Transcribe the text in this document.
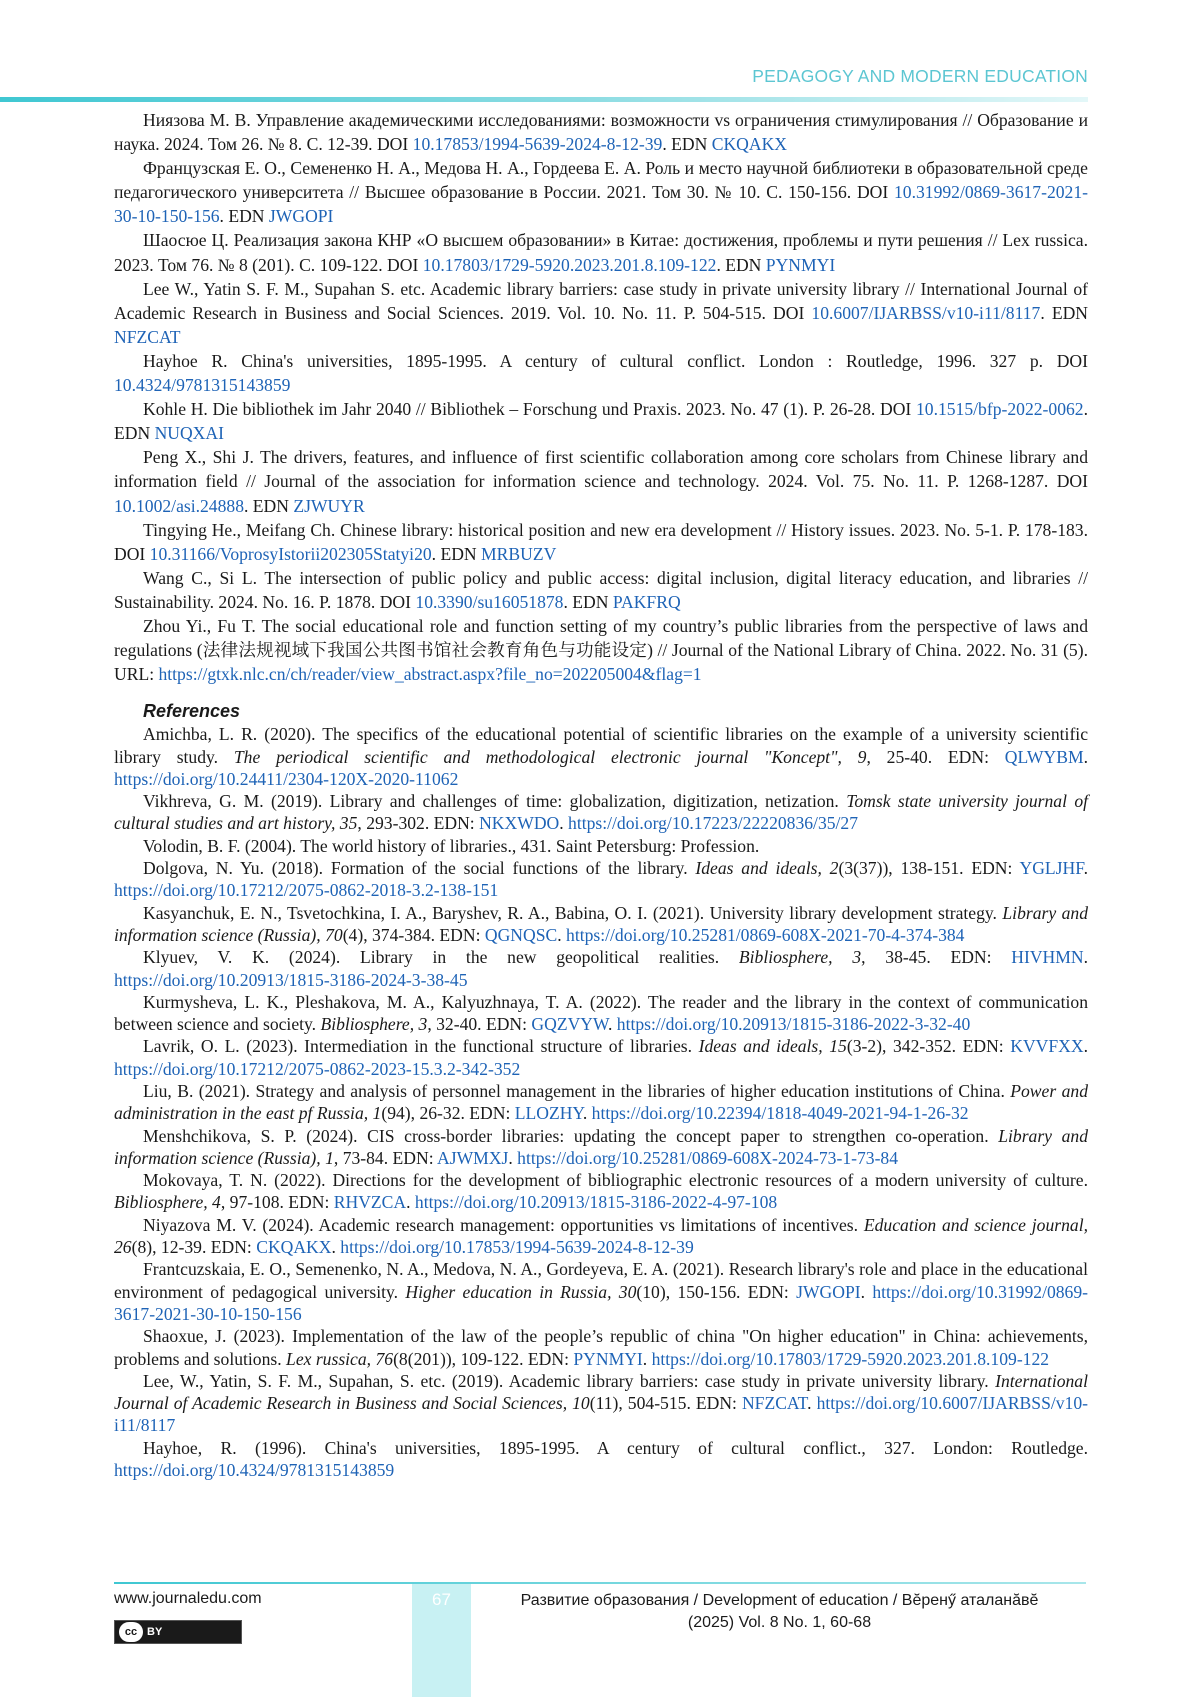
PEDAGOGY AND MODERN EDUCATION

Ниязова М. В. Управление академическими исследованиями: возможности vs ограничения стимулирования // Образование и наука. 2024. Том 26. № 8. С. 12-39. DOI 10.17853/1994-5639-2024-8-12-39. EDN CKQAKX

Французская Е. О., Семененко Н. А., Медова Н. А., Гордеева Е. А. Роль и место научной библиотеки в образовательной среде педагогического университета // Высшее образование в России. 2021. Том 30. № 10. С. 150-156. DOI 10.31992/0869-3617-2021-30-10-150-156. EDN JWGOPI

Шаосюе Ц. Реализация закона КНР «О высшем образовании» в Китае: достижения, проблемы и пути решения // Lex russica. 2023. Том 76. № 8 (201). С. 109-122. DOI 10.17803/1729-5920.2023.201.8.109-122. EDN PYNMYI

Lee W., Yatin S. F. M., Supahan S. etc. Academic library barriers: case study in private university library // International Journal of Academic Research in Business and Social Sciences. 2019. Vol. 10. No. 11. P. 504-515. DOI 10.6007/IJARBSS/v10-i11/8117. EDN NFZCAT

Hayhoe R. China's universities, 1895-1995. A century of cultural conflict. London : Routledge, 1996. 327 p. DOI 10.4324/9781315143859

Kohle H. Die bibliothek im Jahr 2040 // Bibliothek – Forschung und Praxis. 2023. No. 47 (1). P. 26-28. DOI 10.1515/bfp-2022-0062. EDN NUQXAI

Peng X., Shi J. The drivers, features, and influence of first scientific collaboration among core scholars from Chinese library and information field // Journal of the association for information science and technology. 2024. Vol. 75. No. 11. P. 1268-1287. DOI 10.1002/asi.24888. EDN ZJWUYR

Tingying He., Meifang Ch. Chinese library: historical position and new era development // History issues. 2023. No. 5-1. P. 178-183. DOI 10.31166/VoprosyIstorii202305Statyi20. EDN MRBUZV

Wang C., Si L. The intersection of public policy and public access: digital inclusion, digital literacy education, and libraries // Sustainability. 2024. No. 16. P. 1878. DOI 10.3390/su16051878. EDN PAKFRQ

Zhou Yi., Fu T. The social educational role and function setting of my country’s public libraries from the perspective of laws and regulations (法律法规视域下我国公共图书馆社会教育角色与功能设定) // Journal of the National Library of China. 2022. No. 31 (5). URL: https://gtxk.nlc.cn/ch/reader/view_abstract.aspx?file_no=202205004&flag=1

References

Amichba, L. R. (2020). The specifics of the educational potential of scientific libraries on the example of a university scientific library study. The periodical scientific and methodological electronic journal "Koncept", 9, 25-40. EDN: QLWYBM. https://doi.org/10.24411/2304-120X-2020-11062

Vikhreva, G. M. (2019). Library and challenges of time: globalization, digitization, netization. Tomsk state university journal of cultural studies and art history, 35, 293-302. EDN: NKXWDO. https://doi.org/10.17223/22220836/35/27

Volodin, B. F. (2004). The world history of libraries., 431. Saint Petersburg: Profession.

Dolgova, N. Yu. (2018). Formation of the social functions of the library. Ideas and ideals, 2(3(37)), 138-151. EDN: YGLJHF. https://doi.org/10.17212/2075-0862-2018-3.2-138-151

Kasyanchuk, E. N., Tsvetochkina, I. A., Baryshev, R. A., Babina, O. I. (2021). University library development strategy. Library and information science (Russia), 70(4), 374-384. EDN: QGNQSC. https://doi.org/10.25281/0869-608X-2021-70-4-374-384

Klyuev, V. K. (2024). Library in the new geopolitical realities. Bibliosphere, 3, 38-45. EDN: HIVHMN. https://doi.org/10.20913/1815-3186-2024-3-38-45

Kurmysheva, L. K., Pleshakova, M. A., Kalyuzhnaya, T. A. (2022). The reader and the library in the context of communication between science and society. Bibliosphere, 3, 32-40. EDN: GQZVYW. https://doi.org/10.20913/1815-3186-2022-3-32-40

Lavrik, O. L. (2023). Intermediation in the functional structure of libraries. Ideas and ideals, 15(3-2), 342-352. EDN: KVVFXX. https://doi.org/10.17212/2075-0862-2023-15.3.2-342-352

Liu, B. (2021). Strategy and analysis of personnel management in the libraries of higher education institutions of China. Power and administration in the east pf Russia, 1(94), 26-32. EDN: LLOZHY. https://doi.org/10.22394/1818-4049-2021-94-1-26-32

Menshchikova, S. P. (2024). CIS cross-border libraries: updating the concept paper to strengthen co-operation. Library and information science (Russia), 1, 73-84. EDN: AJWMXJ. https://doi.org/10.25281/0869-608X-2024-73-1-73-84

Mokovaya, T. N. (2022). Directions for the development of bibliographic electronic resources of a modern university of culture. Bibliosphere, 4, 97-108. EDN: RHVZCA. https://doi.org/10.20913/1815-3186-2022-4-97-108

Niyazova M. V. (2024). Academic research management: opportunities vs limitations of incentives. Education and science journal, 26(8), 12-39. EDN: CKQAKX. https://doi.org/10.17853/1994-5639-2024-8-12-39

Frantcuzskaia, E. O., Semenenko, N. A., Medova, N. A., Gordeyeva, E. A. (2021). Research library's role and place in the educational environment of pedagogical university. Higher education in Russia, 30(10), 150-156. EDN: JWGOPI. https://doi.org/10.31992/0869-3617-2021-30-10-150-156

Shaoxue, J. (2023). Implementation of the law of the people’s republic of china "On higher education" in China: achievements, problems and solutions. Lex russica, 76(8(201)), 109-122. EDN: PYNMYI. https://doi.org/10.17803/1729-5920.2023.201.8.109-122

Lee, W., Yatin, S. F. M., Supahan, S. etc. (2019). Academic library barriers: case study in private university library. International Journal of Academic Research in Business and Social Sciences, 10(11), 504-515. EDN: NFZCAT. https://doi.org/10.6007/IJARBSS/v10-i11/8117

Hayhoe, R. (1996). China's universities, 1895-1995. A century of cultural conflict., 327. London: Routledge. https://doi.org/10.4324/9781315143859

67
www.journaledu.com
cc BY
Развитие образования / Development of education / Вĕренӳ аталанăвĕ
(2025) Vol. 8 No. 1, 60-68
